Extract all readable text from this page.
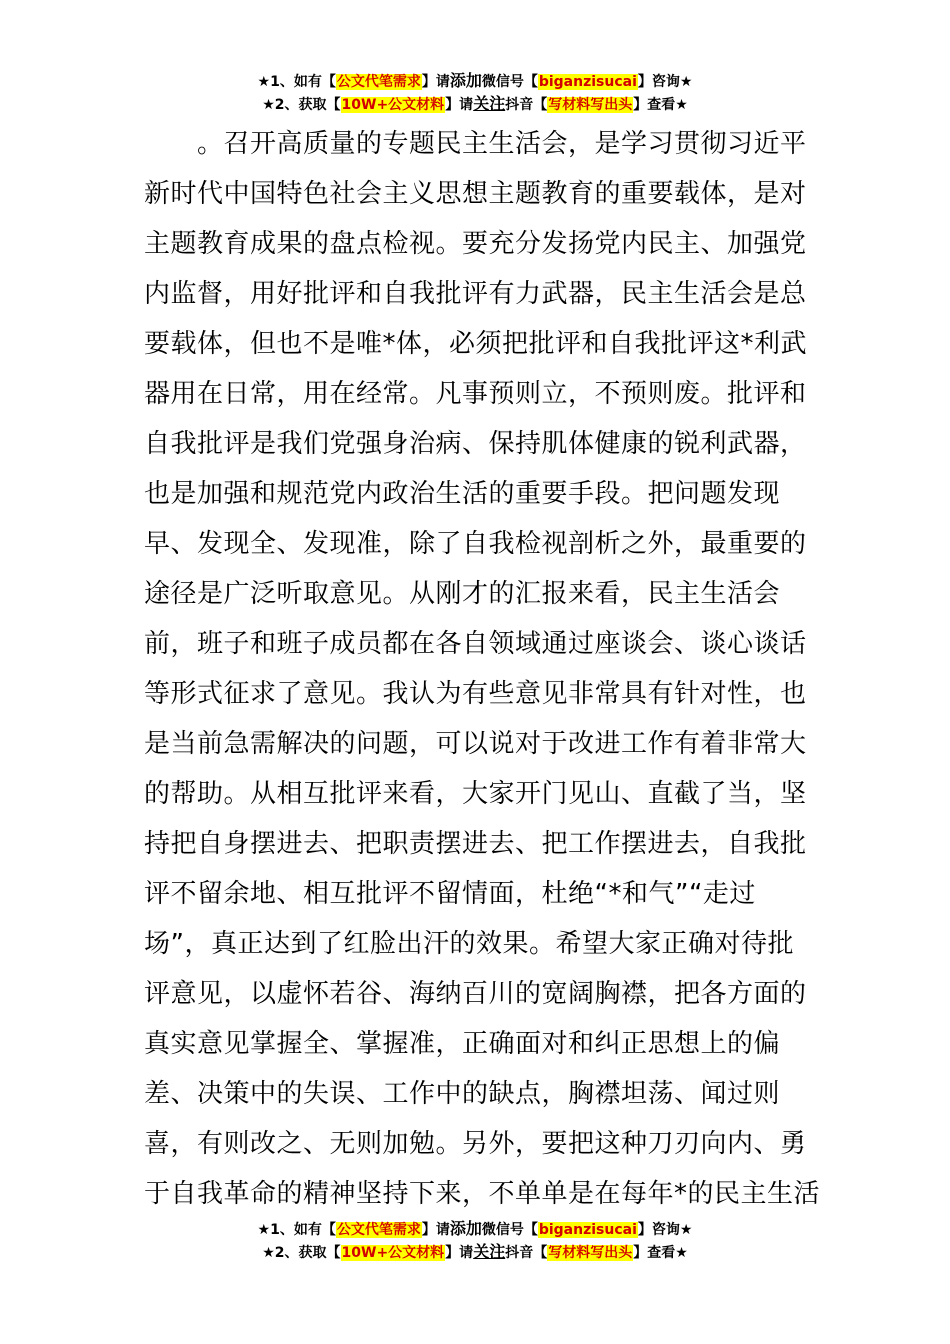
★1、如有【公文代笔需求】请添加微信号【biganzisucai】咨询★
★2、获取【10W+公文材料】请关注抖音【写材料写出头】查看★
　　。召开高质量的专题民主生活会，是学习贯彻习近平
新时代中国特色社会主义思想主题教育的重要载体，是对
主题教育成果的盘点检视。要充分发扬党内民主、加强党
内监督，用好批评和自我批评有力武器，民主生活会是总
要载体，但也不是唯*体，必须把批评和自我批评这*利武
器用在日常，用在经常。凡事预则立，不预则废。批评和
自我批评是我们党强身治病、保持肌体健康的锐利武器，
也是加强和规范党内政治生活的重要手段。把问题发现
早、发现全、发现准，除了自我检视剖析之外，最重要的
途径是广泛听取意见。从刚才的汇报来看，民主生活会
前，班子和班子成员都在各自领域通过座谈会、谈心谈话
等形式征求了意见。我认为有些意见非常具有针对性，也
是当前急需解决的问题，可以说对于改进工作有着非常大
的帮助。从相互批评来看，大家开门见山、直截了当，坚
持把自身摆进去、把职责摆进去、把工作摆进去，自我批
评不留余地、相互批评不留情面，杜绝“*和气”“走过
场”，真正达到了红脸出汗的效果。希望大家正确对待批
评意见，以虚怀若谷、海纳百川的宽阔胸襟，把各方面的
真实意见掌握全、掌握准，正确面对和纠正思想上的偏
差、决策中的失误、工作中的缺点，胸襟坦荡、闻过则
喜，有则改之、无则加勉。另外，要把这种刀刃向内、勇
于自我革命的精神坚持下来，不单单是在每年*的民主生活
★1、如有【公文代笔需求】请添加微信号【biganzisucai】咨询★
★2、获取【10W+公文材料】请关注抖音【写材料写出头】查看★
